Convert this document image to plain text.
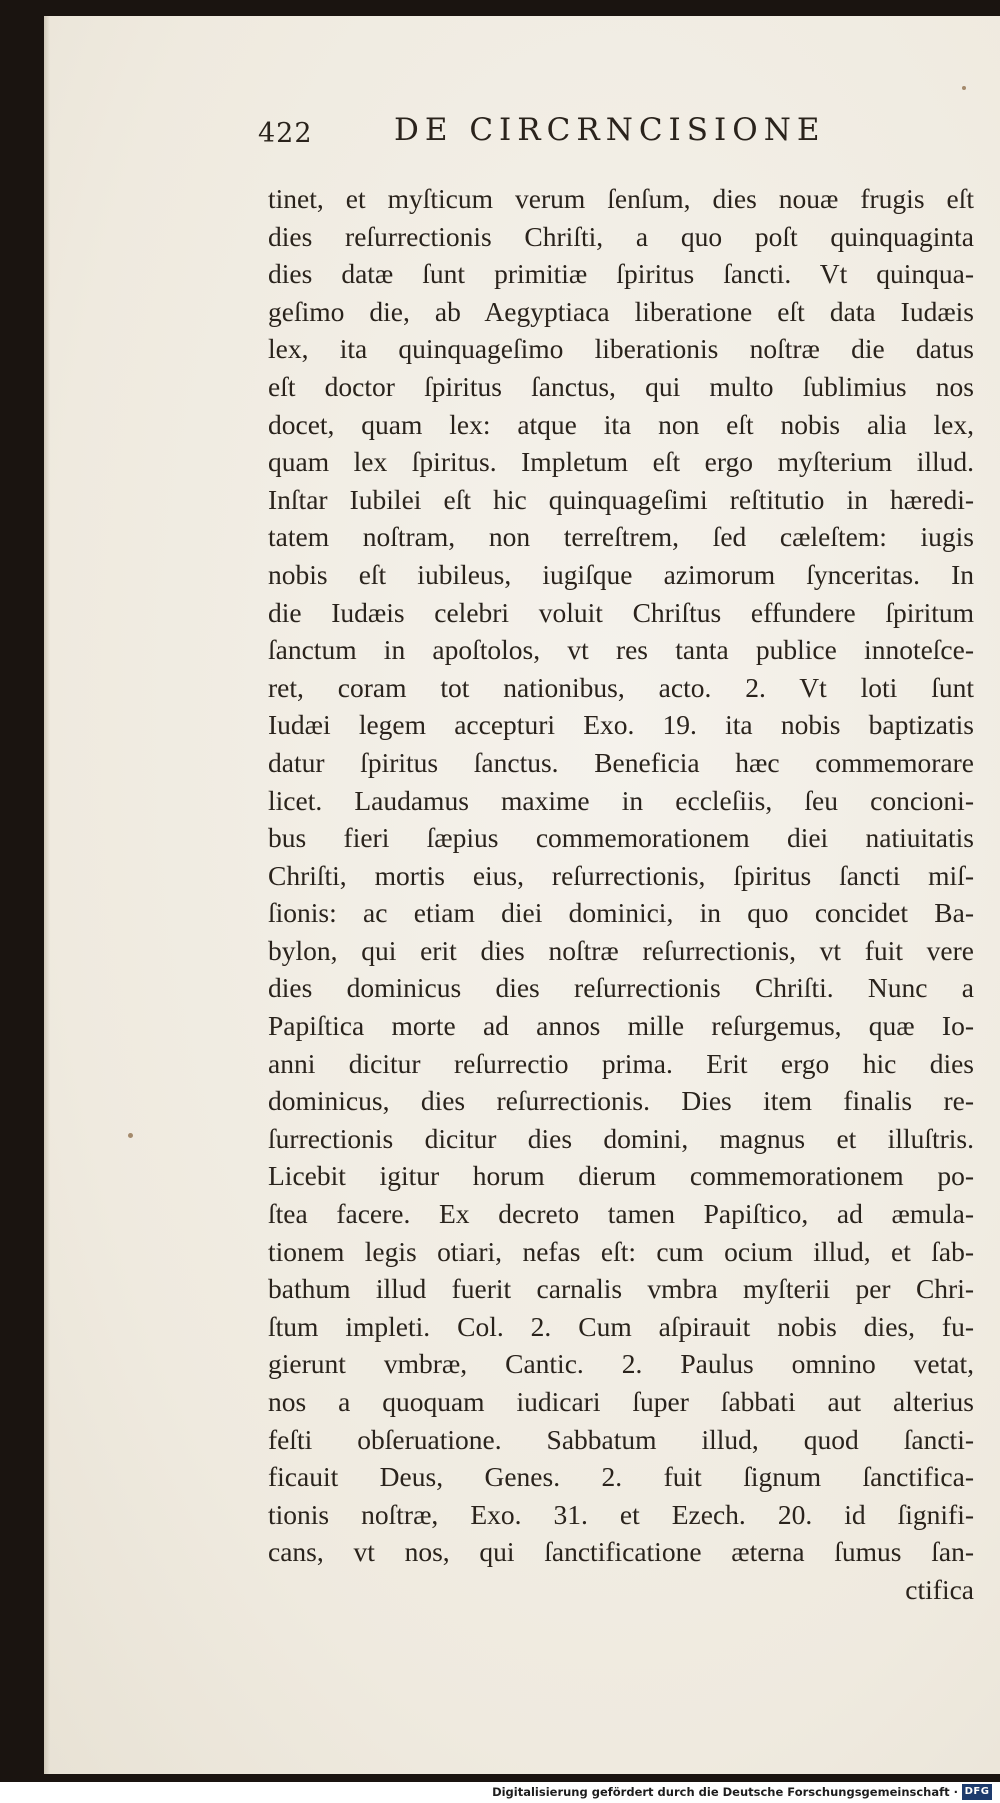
422	DE CIRCRNCISIONE
tinet, et myſticum verum ſenſum, dies nouæ frugis eſt
dies reſurrectionis Chriſti, a quo poſt quinquaginta
dies datæ ſunt primitiæ ſpiritus ſancti. Vt quinqua-
geſimo die, ab Aegyptiaca liberatione eſt data Iudæis
lex, ita quinquageſimo liberationis noſtræ die datus
eſt doctor ſpiritus ſanctus, qui multo ſublimius nos
docet, quam lex: atque ita non eſt nobis alia lex,
quam lex ſpiritus. Impletum eſt ergo myſterium illud.
Inſtar Iubilei eſt hic quinquageſimi reſtitutio in hæredi-
tatem noſtram, non terreſtrem, ſed cæleſtem: iugis
nobis eſt iubileus, iugiſque azimorum ſynceritas. In
die Iudæis celebri voluit Chriſtus effundere ſpiritum
ſanctum in apoſtolos, vt res tanta publice innoteſce-
ret, coram tot nationibus, acto. 2. Vt loti ſunt
Iudæi legem accepturi Exo. 19. ita nobis baptizatis
datur ſpiritus ſanctus. Beneficia hæc commemorare
licet. Laudamus maxime in eccleſiis, ſeu concioni-
bus fieri ſæpius commemorationem diei natiuitatis
Chriſti, mortis eius, reſurrectionis, ſpiritus ſancti miſ-
ſionis: ac etiam diei dominici, in quo concidet Ba-
bylon, qui erit dies noſtræ reſurrectionis, vt fuit vere
dies dominicus dies reſurrectionis Chriſti. Nunc a
Papiſtica morte ad annos mille reſurgemus, quæ Io-
anni dicitur reſurrectio prima. Erit ergo hic dies
dominicus, dies reſurrectionis. Dies item finalis re-
ſurrectionis dicitur dies domini, magnus et illuſtris.
Licebit igitur horum dierum commemorationem po-
ſtea facere. Ex decreto tamen Papiſtico, ad æmula-
tionem legis otiari, nefas eſt: cum ocium illud, et ſab-
bathum illud fuerit carnalis vmbra myſterii per Chri-
ſtum impleti. Col. 2. Cum aſpirauit nobis dies, fu-
gierunt vmbræ, Cantic. 2. Paulus omnino vetat,
nos a quoquam iudicari ſuper ſabbati aut alterius
feſti obſeruatione. Sabbatum illud, quod ſancti-
ficauit Deus, Genes. 2. fuit ſignum ſanctifica-
tionis noſtræ, Exo. 31. et Ezech. 20. id ſignifi-
cans, vt nos, qui ſanctificatione æterna ſumus ſan-
ctifica
Digitalisierung gefördert durch die Deutsche Forschungsgemeinschaft · DFG
